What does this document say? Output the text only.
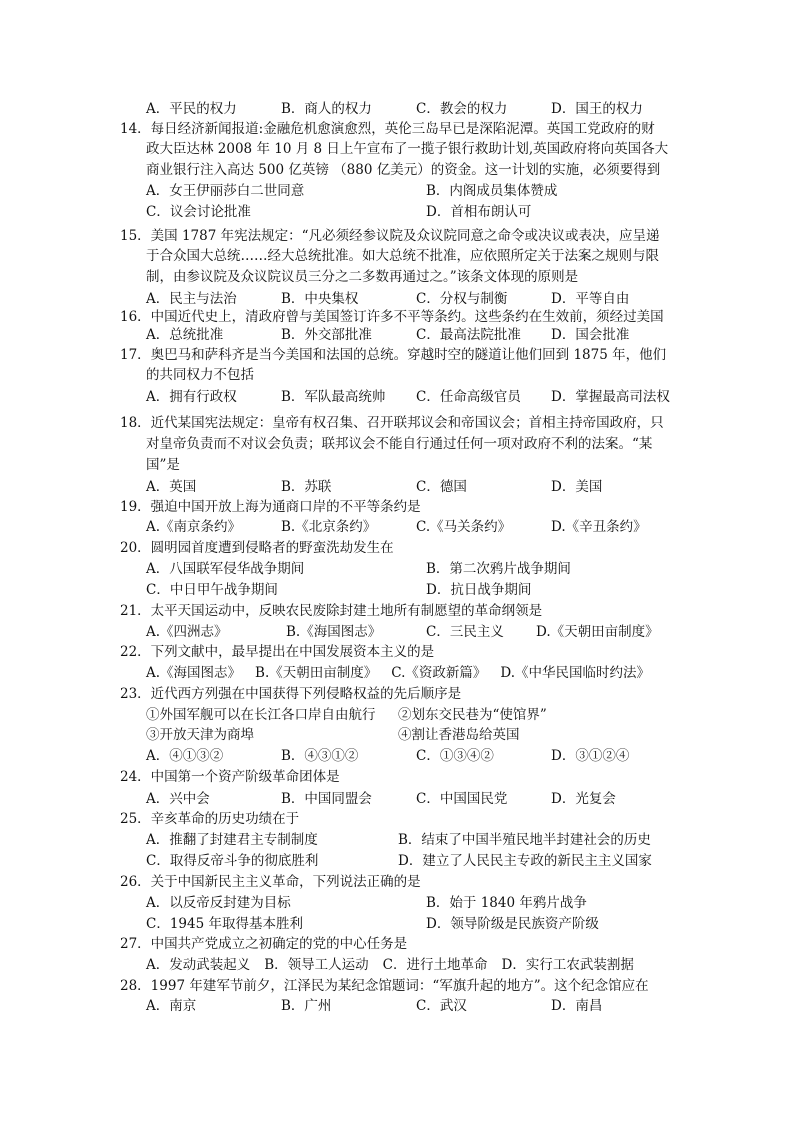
A．平民的权力	B．商人的权力	C．教会的权力	D．国王的权力
14．每日经济新闻报道:金融危机愈演愈烈，英伦三岛早已是深陷泥潭。英国工党政府的财
政大臣达林 2008 年 10 月 8 日上午宣布了一揽子银行救助计划,英国政府将向英国各大
商业银行注入高达 500 亿英镑 （880 亿美元）的资金。这一计划的实施，必须要得到
A．女王伊丽莎白二世同意	B．内阁成员集体赞成
C．议会讨论批准	D．首相布朗认可
15．美国 1787 年宪法规定：“凡必须经参议院及众议院同意之命令或决议或表决，应呈递
于合众国大总统……经大总统批准。如大总统不批准，应依照所定关于法案之规则与限
制，由参议院及众议院议员三分之二多数再通过之。”该条文体现的原则是
A．民主与法治	B．中央集权	C．分权与制衡	D．平等自由
16．中国近代史上，清政府曾与美国签订许多不平等条约。这些条约在生效前，须经过美国
A．总统批准	B．外交部批准	C．最高法院批准	D．国会批准
17．奥巴马和萨科齐是当今美国和法国的总统。穿越时空的隧道让他们回到 1875 年，他们
的共同权力不包括
A．拥有行政权	B．军队最高统帅	C．任命高级官员	D．掌握最高司法权
18．近代某国宪法规定：皇帝有权召集、召开联邦议会和帝国议会；首相主持帝国政府，只
对皇帝负责而不对议会负责；联邦议会不能自行通过任何一项对政府不利的法案。“某
国”是
A．英国	B．苏联	C．德国	D．美国
19．强迫中国开放上海为通商口岸的不平等条约是
A.《南京条约》	B.《北京条约》	C.《马关条约》	D.《辛丑条约》
20．圆明园首度遭到侵略者的野蛮洗劫发生在
A．八国联军侵华战争期间	B．第二次鸦片战争期间
C．中日甲午战争期间	D．抗日战争期间
21．太平天国运动中，反映农民废除封建土地所有制愿望的革命纲领是
A.《四洲志》	B.《海国图志》	C．三民主义	D.《天朝田亩制度》
22．下列文献中，最早提出在中国发展资本主义的是
A.《海国图志》 B.《天朝田亩制度》 C.《资政新篇》 D.《中华民国临时约法》
23．近代西方列强在中国获得下列侵略权益的先后顺序是
①外国军舰可以在长江各口岸自由航行	②划东交民巷为“使馆界”
③开放天津为商埠	④割让香港岛给英国
A．④①③②	B．④③①②	C．①③④②	D．③①②④
24．中国第一个资产阶级革命团体是
A．兴中会	B．中国同盟会	C．中国国民党	D．光复会
25．辛亥革命的历史功绩在于
A．推翻了封建君主专制制度	B．结束了中国半殖民地半封建社会的历史
C．取得反帝斗争的彻底胜利	D．建立了人民民主专政的新民主主义国家
26．关于中国新民主主义革命，下列说法正确的是
A．以反帝反封建为目标	B．始于 1840 年鸦片战争
C．1945 年取得基本胜利	D．领导阶级是民族资产阶级
27．中国共产党成立之初确定的党的中心任务是
A．发动武装起义 B．领导工人运动 C．进行土地革命 D．实行工农武装割据
28．1997 年建军节前夕，江泽民为某纪念馆题词：“军旗升起的地方”。这个纪念馆应在
A．南京	B．广州	C．武汉	D．南昌
